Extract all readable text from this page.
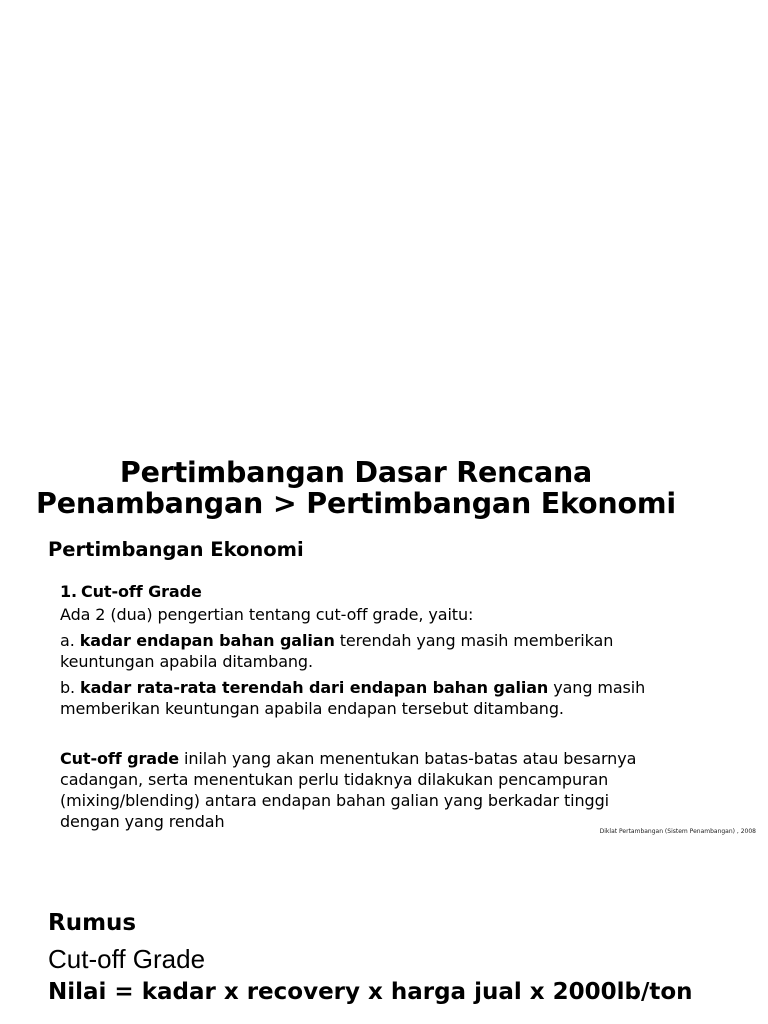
Pertimbangan Dasar Rencana
Penambangan > Pertimbangan Ekonomi
Pertimbangan Ekonomi
1. Cut-off Grade
Ada 2 (dua) pengertian tentang cut-off grade, yaitu:
a. kadar endapan bahan galian terendah yang masih memberikan
keuntungan apabila ditambang.
b. kadar rata-rata terendah dari endapan bahan galian yang masih
memberikan keuntungan apabila endapan tersebut ditambang.
Cut-off grade inilah yang akan menentukan batas-batas atau besarnya
cadangan, serta menentukan perlu tidaknya dilakukan pencampuran
(mixing/blending) antara endapan bahan galian yang berkadar tinggi
dengan yang rendah
Diklat Pertambangan (Sistem Penambangan) , 2008
Rumus
Cut-off Grade
Nilai = kadar x recovery x harga jual x 2000lb/ton
